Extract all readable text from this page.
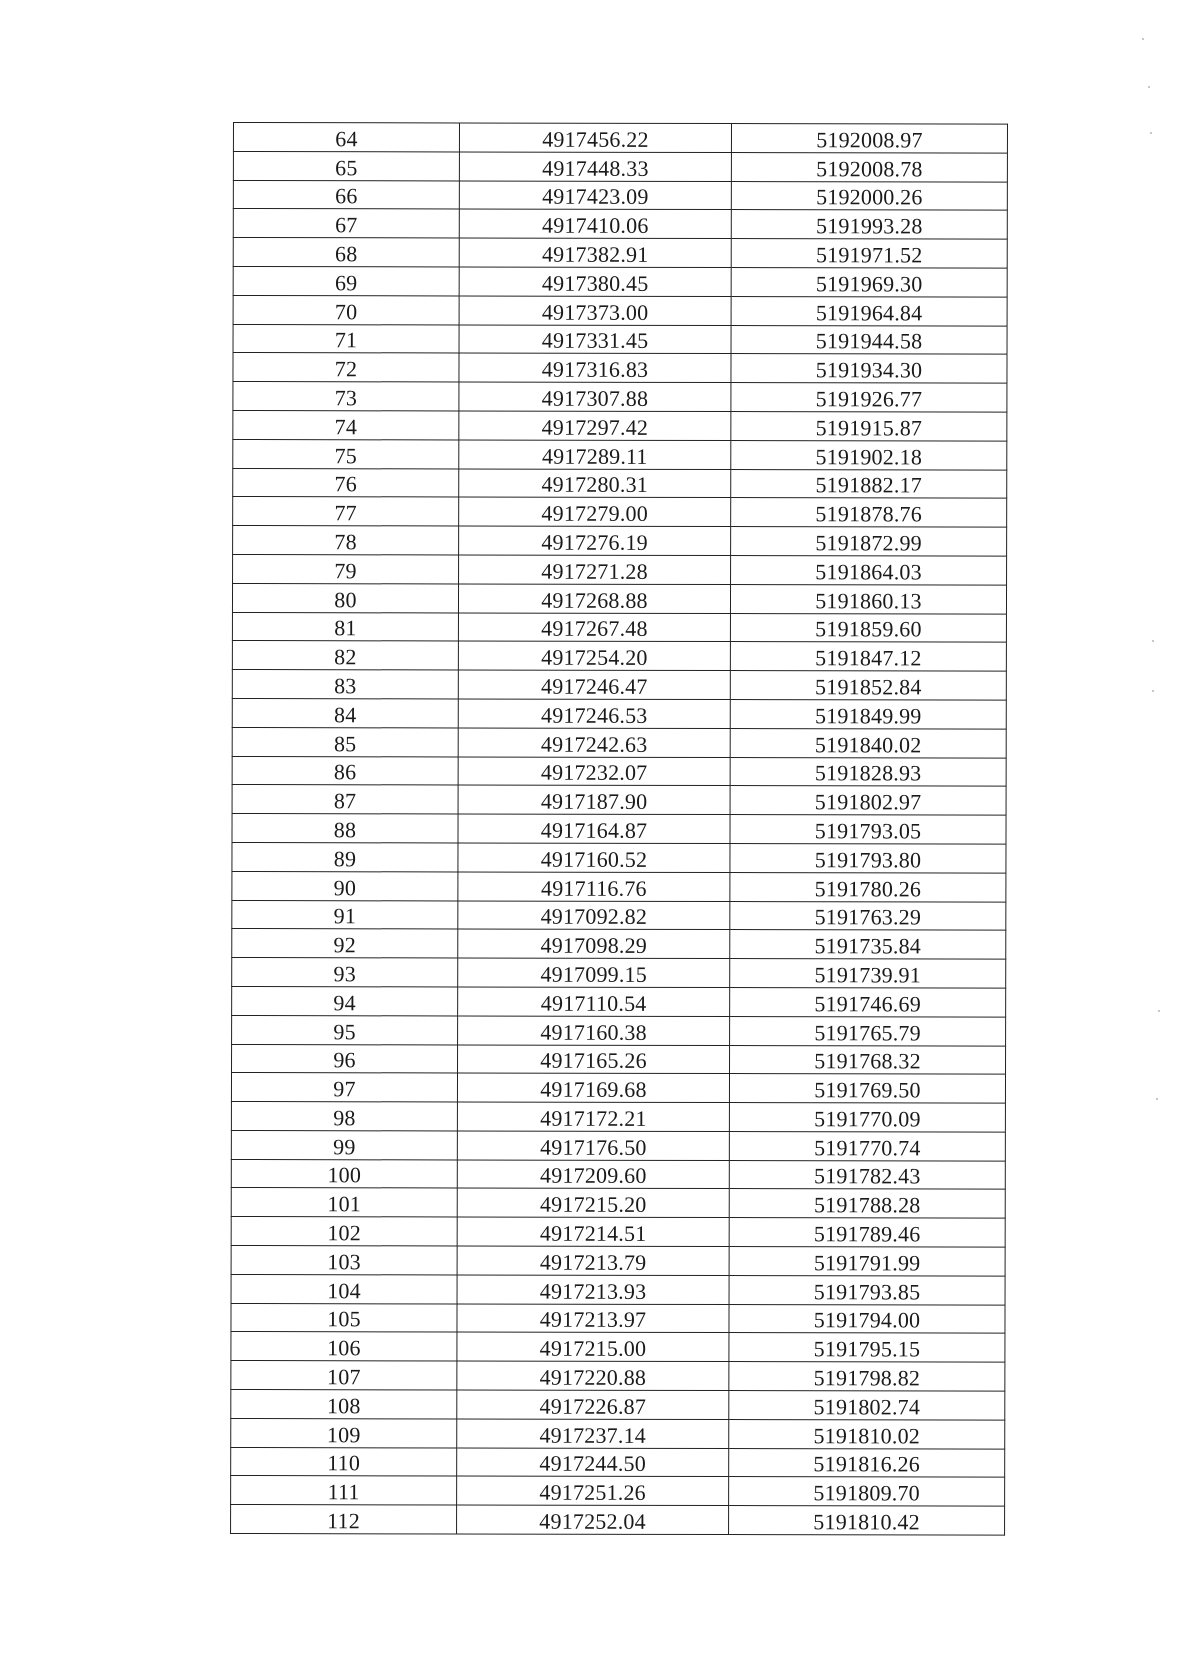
64	4917456.22	5192008.97
65	4917448.33	5192008.78
66	4917423.09	5192000.26
67	4917410.06	5191993.28
68	4917382.91	5191971.52
69	4917380.45	5191969.30
70	4917373.00	5191964.84
71	4917331.45	5191944.58
72	4917316.83	5191934.30
73	4917307.88	5191926.77
74	4917297.42	5191915.87
75	4917289.11	5191902.18
76	4917280.31	5191882.17
77	4917279.00	5191878.76
78	4917276.19	5191872.99
79	4917271.28	5191864.03
80	4917268.88	5191860.13
81	4917267.48	5191859.60
82	4917254.20	5191847.12
83	4917246.47	5191852.84
84	4917246.53	5191849.99
85	4917242.63	5191840.02
86	4917232.07	5191828.93
87	4917187.90	5191802.97
88	4917164.87	5191793.05
89	4917160.52	5191793.80
90	4917116.76	5191780.26
91	4917092.82	5191763.29
92	4917098.29	5191735.84
93	4917099.15	5191739.91
94	4917110.54	5191746.69
95	4917160.38	5191765.79
96	4917165.26	5191768.32
97	4917169.68	5191769.50
98	4917172.21	5191770.09
99	4917176.50	5191770.74
100	4917209.60	5191782.43
101	4917215.20	5191788.28
102	4917214.51	5191789.46
103	4917213.79	5191791.99
104	4917213.93	5191793.85
105	4917213.97	5191794.00
106	4917215.00	5191795.15
107	4917220.88	5191798.82
108	4917226.87	5191802.74
109	4917237.14	5191810.02
110	4917244.50	5191816.26
111	4917251.26	5191809.70
112	4917252.04	5191810.42
